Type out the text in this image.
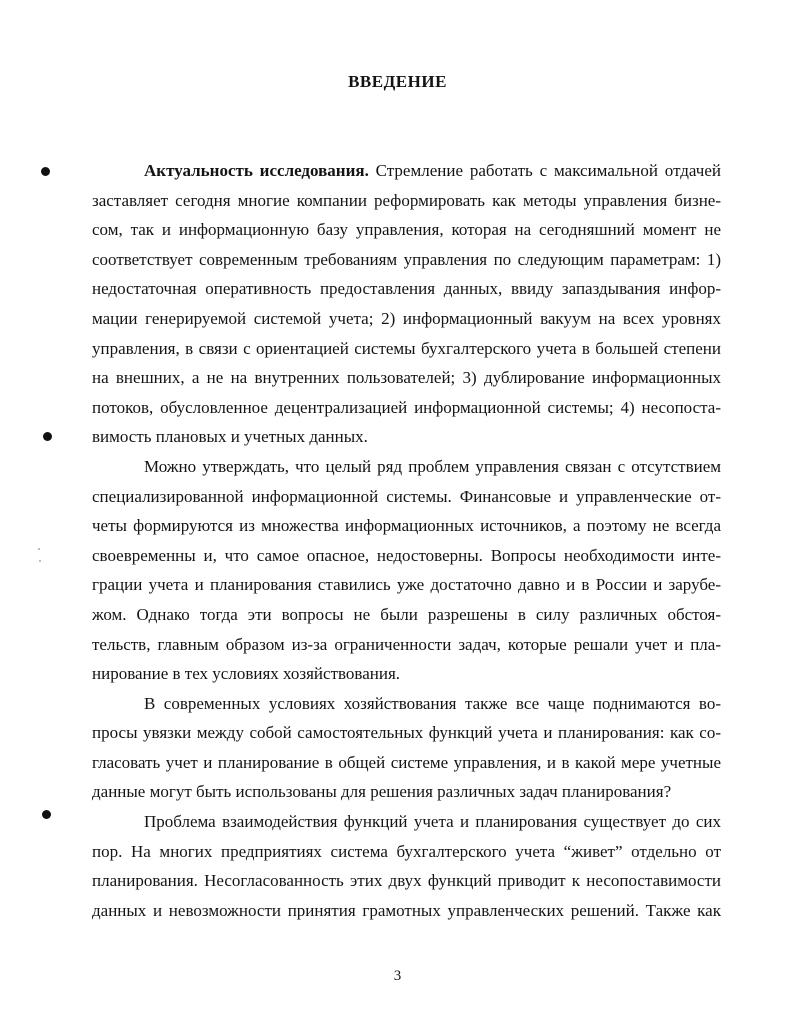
ВВЕДЕНИЕ
Актуальность исследования. Стремление работать с максимальной отдачей
заставляет сегодня многие компании реформировать как методы управления бизне-
сом, так и информационную базу управления, которая на сегодняшний момент не
соответствует современным требованиям управления по следующим параметрам: 1)
недостаточная оперативность предоставления данных, ввиду запаздывания инфор-
мации генерируемой системой учета; 2) информационный вакуум на всех уровнях
управления, в связи с ориентацией системы бухгалтерского учета в большей степени
на внешних, а не на внутренних пользователей; 3) дублирование информационных
потоков, обусловленное децентрализацией информационной системы; 4) несопоста-
вимость плановых и учетных данных.
Можно утверждать, что целый ряд проблем управления связан с отсутствием
специализированной информационной системы. Финансовые и управленческие от-
четы формируются из множества информационных источников, а поэтому не всегда
своевременны и, что самое опасное, недостоверны. Вопросы необходимости инте-
грации учета и планирования ставились уже достаточно давно и в России и зарубе-
жом. Однако тогда эти вопросы не были разрешены в силу различных обстоя-
тельств, главным образом из-за ограниченности задач, которые решали учет и пла-
нирование в тех условиях хозяйствования.
В современных условиях хозяйствования также все чаще поднимаются во-
просы увязки между собой самостоятельных функций учета и планирования: как со-
гласовать учет и планирование в общей системе управления, и в какой мере учетные
данные могут быть использованы для решения различных задач планирования?
Проблема взаимодействия функций учета и планирования существует до сих
пор. На многих предприятиях система бухгалтерского учета “живет” отдельно от
планирования. Несогласованность этих двух функций приводит к несопоставимости
данных и невозможности принятия грамотных управленческих решений. Также как
3
